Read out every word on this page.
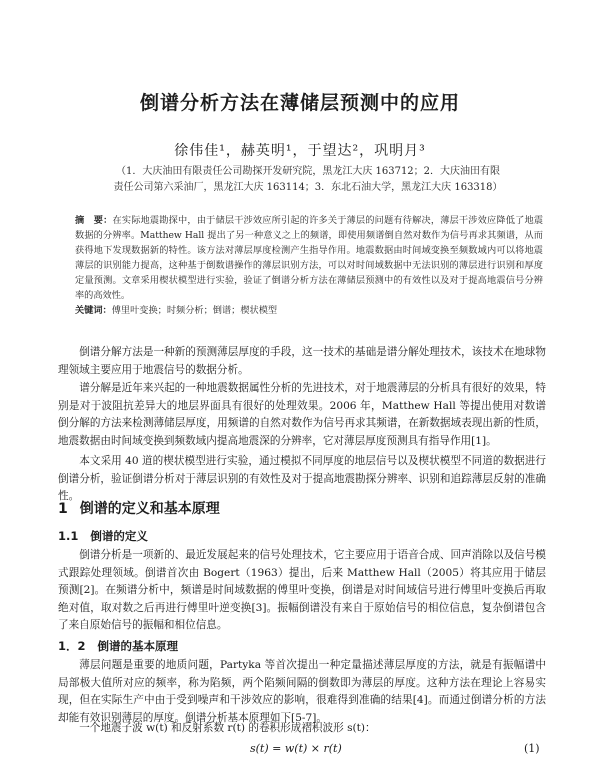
倒谱分析方法在薄储层预测中的应用
徐伟佳¹，赫英明¹，于望达²，巩明月³
（1．大庆油田有限责任公司勘探开发研究院，黑龙江大庆 163712；2．大庆油田有限
责任公司第六采油厂，黑龙江大庆 163114；3．东北石油大学，黑龙江大庆 163318）
摘　要：在实际地震勘探中，由于储层干涉效应所引起的许多关于薄层的问题有待解决，薄层干涉效应降低了地震数据的分辨率。Matthew Hall 提出了另一种意义之上的频谱，即使用频谱倒自然对数作为信号再求其频谱，从而获得地下发现数据新的特性。该方法对薄层厚度检测产生指导作用。地震数据由时间域变换至频数域内可以将地震薄层的识别能力提高，这种基于倒数谱操作的薄层识别方法，可以对时间域数据中无法识别的薄层进行识别和厚度定量预测。文章采用楔状模型进行实验，验证了倒谱分析方法在薄储层预测中的有效性以及对于提高地震信号分辨率的高效性。
关键词：傅里叶变换；时频分析；倒谱；楔状模型
倒谱分解方法是一种新的预测薄层厚度的手段，这一技术的基础是谱分解处理技术，该技术在地球物理领域主要应用于地震信号的数据分析。
谱分解是近年来兴起的一种地震数据属性分析的先进技术，对于地震薄层的分析具有很好的效果，特别是对于波阻抗差异大的地层界面具有很好的处理效果。2006 年，Matthew Hall 等提出使用对数谱倒分解的方法来检测薄储层厚度，用频谱的自然对数作为信号再求其频谱，在新数据域表现出新的性质，地震数据由时间域变换到频数域内提高地震深的分辨率，它对薄层厚度预测具有指导作用[1]。
本文采用 40 道的楔状模型进行实验，通过模拟不同厚度的地层信号以及楔状模型不同道的数据进行倒谱分析，验证倒谱分析对于薄层识别的有效性及对于提高地震勘探分辨率、识别和追踪薄层反射的准确性。
1 倒谱的定义和基本原理
1.1 倒谱的定义
倒谱分析是一项新的、最近发展起来的信号处理技术，它主要应用于语音合成、回声消除以及信号模式跟踪处理领域。倒谱首次由 Bogert（1963）提出，后来 Matthew Hall（2005）将其应用于储层预测[2]。在频谱分析中，频谱是时间域数据的傅里叶变换，倒谱是对时间域信号进行傅里叶变换后再取绝对值，取对数之后再进行傅里叶逆变换[3]。振幅倒谱没有来自于原始信号的相位信息，复杂倒谱包含了来自原始信号的振幅和相位信息。
1．2 倒谱的基本原理
薄层问题是重要的地质问题，Partyka 等首次提出一种定量描述薄层厚度的方法，就是有振幅谱中局部极大值所对应的频率，称为陷频，两个陷频间隔的倒数即为薄层的厚度。这种方法在理论上容易实现，但在实际生产中由于受到噪声和干涉效应的影响，很难得到准确的结果[4]。而通过倒谱分析的方法却能有效识别薄层的厚度。倒谱分析基本原理如下[5-7]。
一个地震子波 w(t) 和反射系数 r(t) 的卷积形成褶积波形 s(t)：
s(t) = w(t) × r(t)	(1)
